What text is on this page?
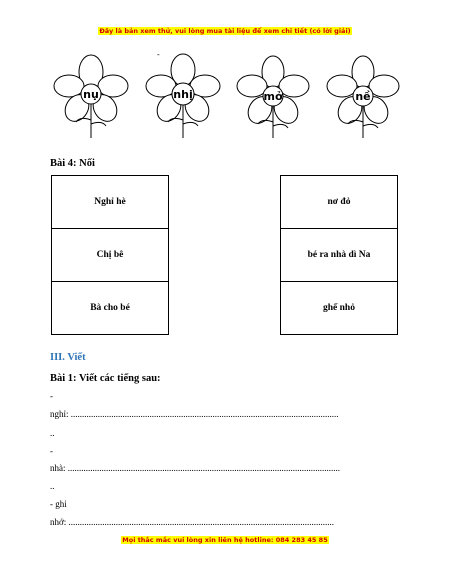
Đây là bản xem thử, vui lòng mua tài liệu để xem chi tiết (có lời giải)
-
nụ	nhị	mở	nề
Bài 4: Nối
Nghỉ hè
Chị bê
Bà cho bé
nơ đỏ
bé ra nhà dì Na
ghế nhỏ
III. Viết
Bài 1: Viết các tiếng sau:
-
nghỉ: .......................................................................................................................
..
-
nhà: .........................................................................................................................
..
- ghi
nhớ: ......................................................................................................................
Mọi thắc mắc vui lòng xin liên hệ hotline: 084 283 45 85
